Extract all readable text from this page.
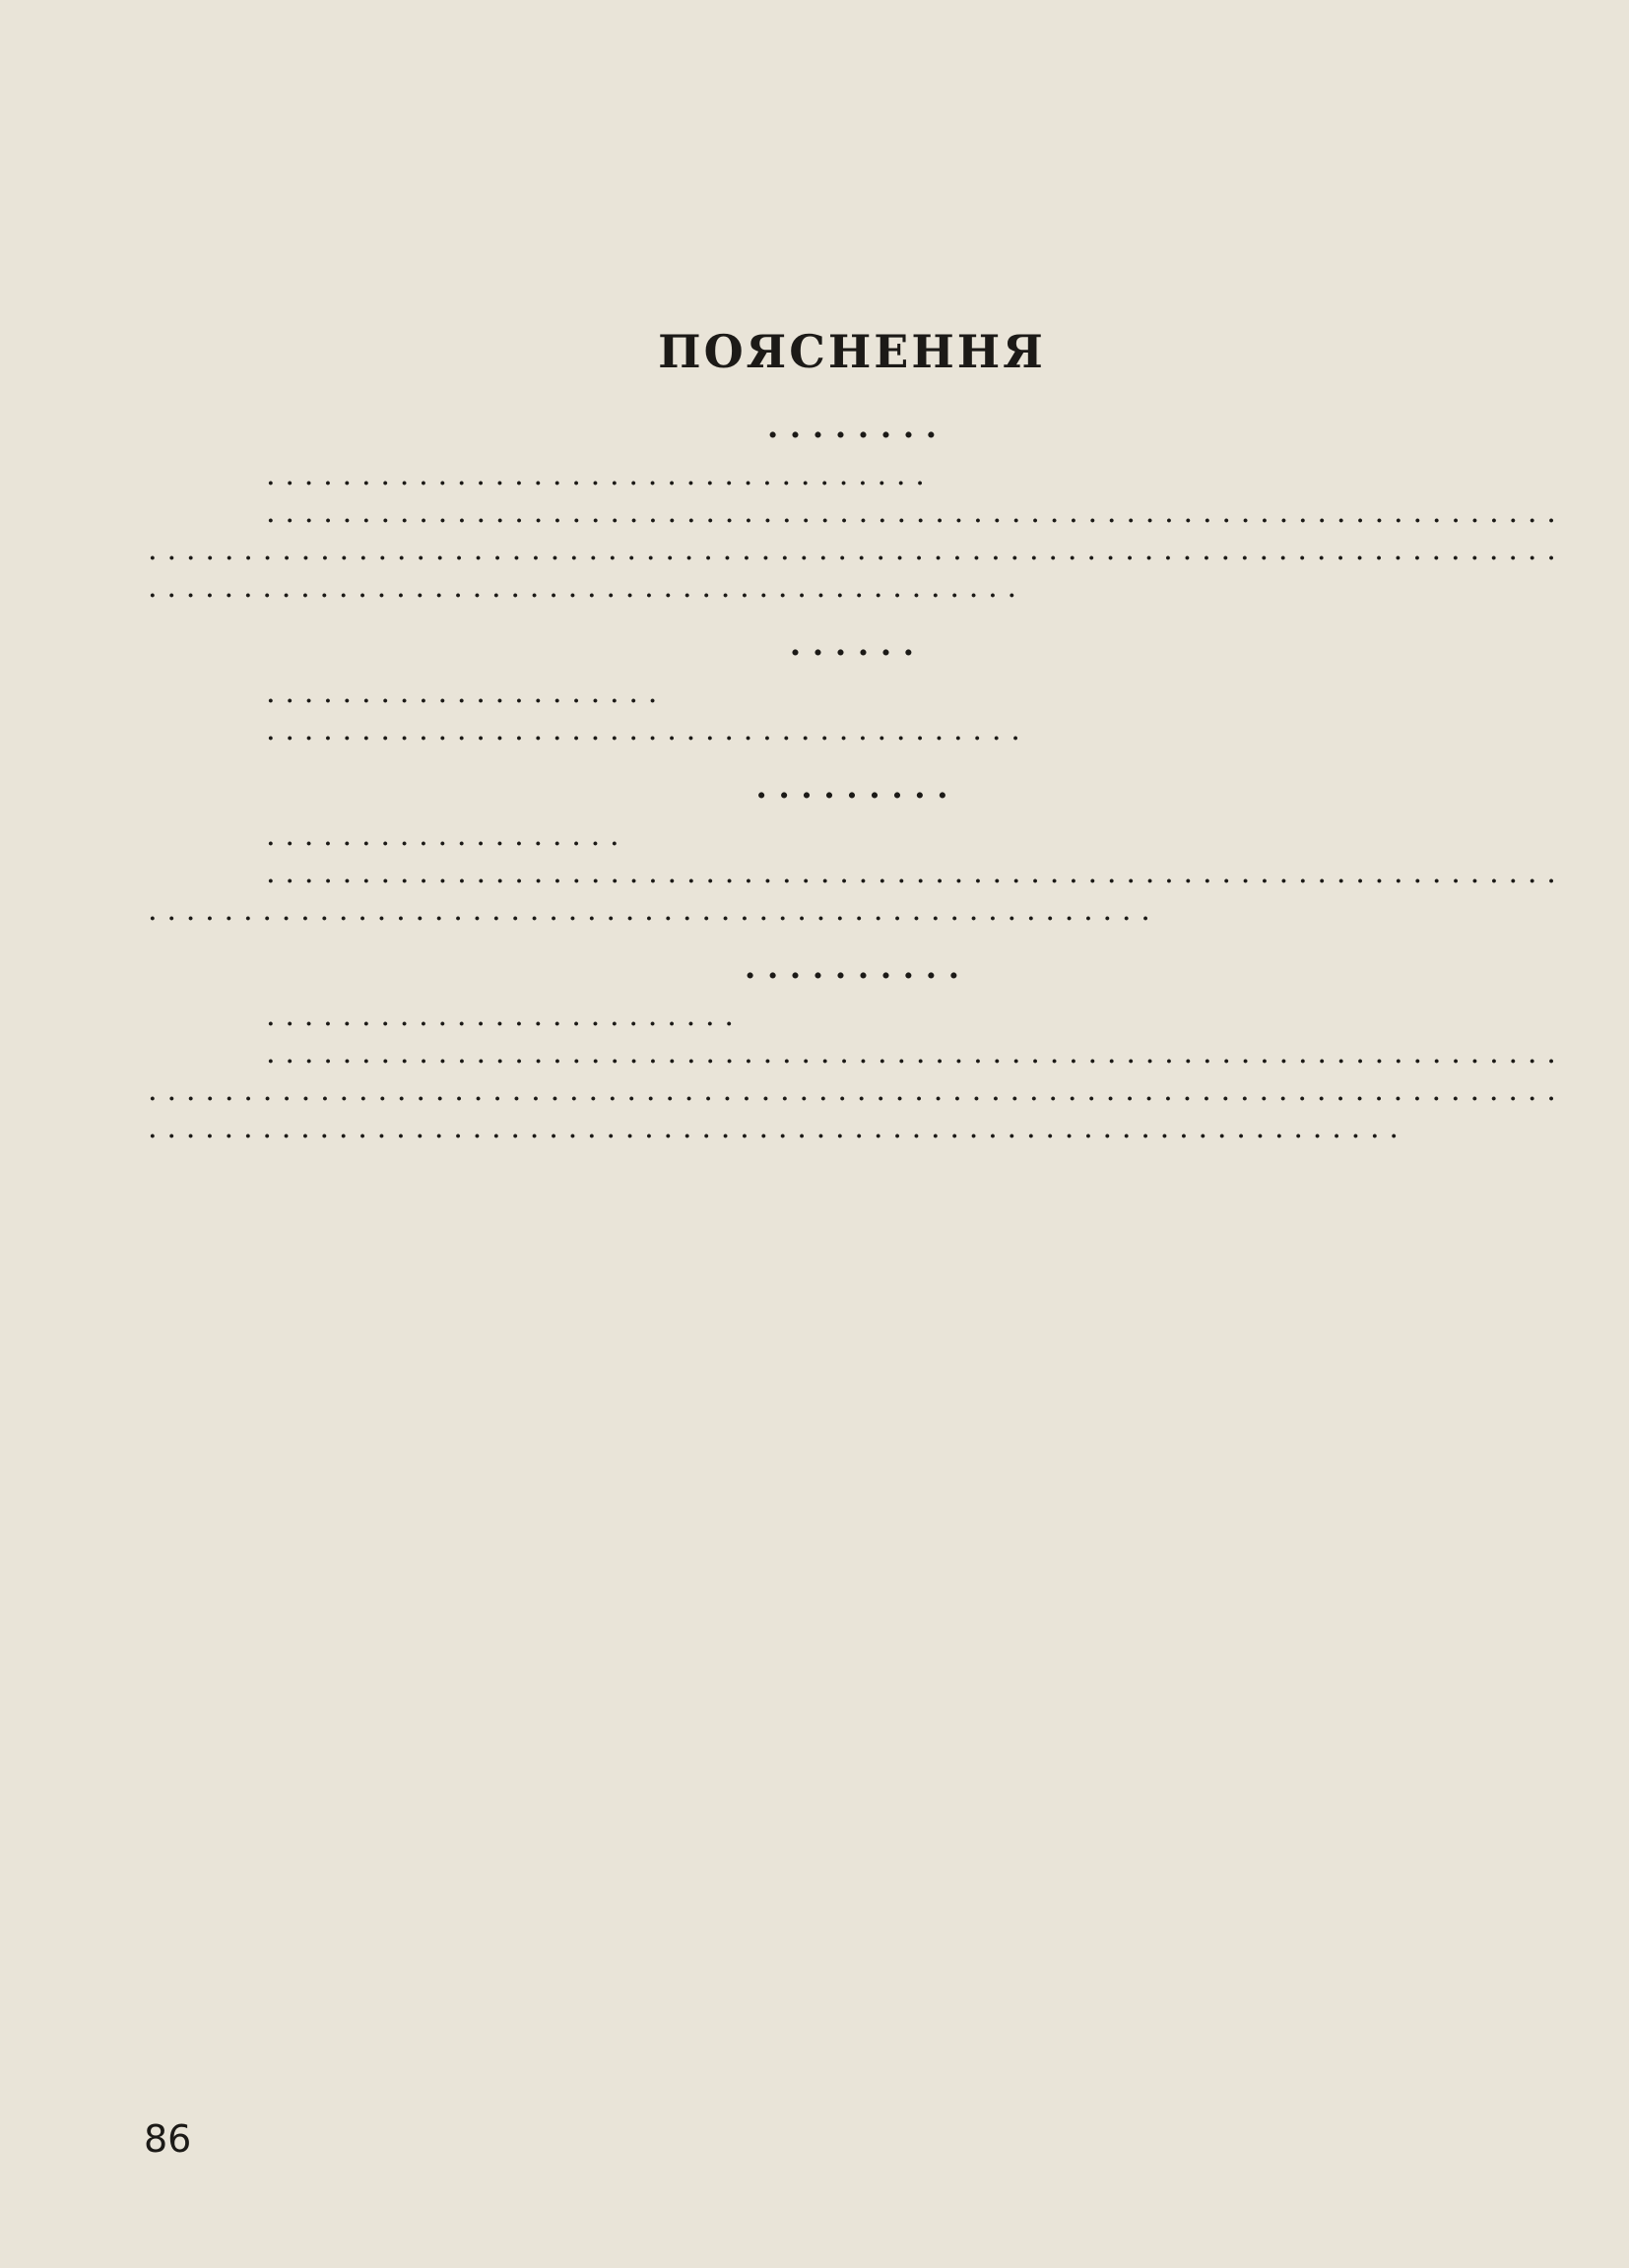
ПОЯСНЕННЯ
· · · · · · · ·

· · · · · · · · · · · · · · · · · · · · · · · · · · · · · · · · · · ·

· · · · · · · · · · · · · · · · · · · · · · · · · · · · · · · · · · · · · · · · · · · · · · · · · · · · · · · · · · · · · · · · · · · · · · · · · · · · · · · · · · · · · · · · · · · · · · · · · · · · · · · · · · · · · · · · · · · · · · · · · · · · · · · · · · · · · · · · · · · · · · · · · · · · · · · · · · · · · · · · · · · · · · · · · · · · · · · · · · · · · · · · · · · ·

· · · · · ·

· · · · · · · · · · · · · · · · · · · · ·

· · · · · · · · · · · · · · · · · · · · · · · · · · · · · · · · · · · · · · · ·

· · · · · · · · ·

· · · · · · · · · · · · · · · · · · ·

· · · · · · · · · · · · · · · · · · · · · · · · · · · · · · · · · · · · · · · · · · · · · · · · · · · · · · · · · · · · · · · · · · · · · · · · · · · · · · · · · · · · · · · · · · · · · · · · · · · · · · · · · · · · · · · · · · · · · · · · ·

· · · · · · · · · ·

· · · · · · · · · · · · · · · · · · · · · · · · ·

· · · · · · · · · · · · · · · · · · · · · · · · · · · · · · · · · · · · · · · · · · · · · · · · · · · · · · · · · · · · · · · · · · · · · · · · · · · · · · · · · · · · · · · · · · · · · · · · · · · · · · · · · · · · · · · · · · · · · · · · · · · · · · · · · · · · · · · · · · · · · · · · · · · · · · · · · · · · · · · · · · · · · · · · · · · · · · · · · · · · · · · · · · · · · · · · · · · · · · · · · · · · · · · ·

86
